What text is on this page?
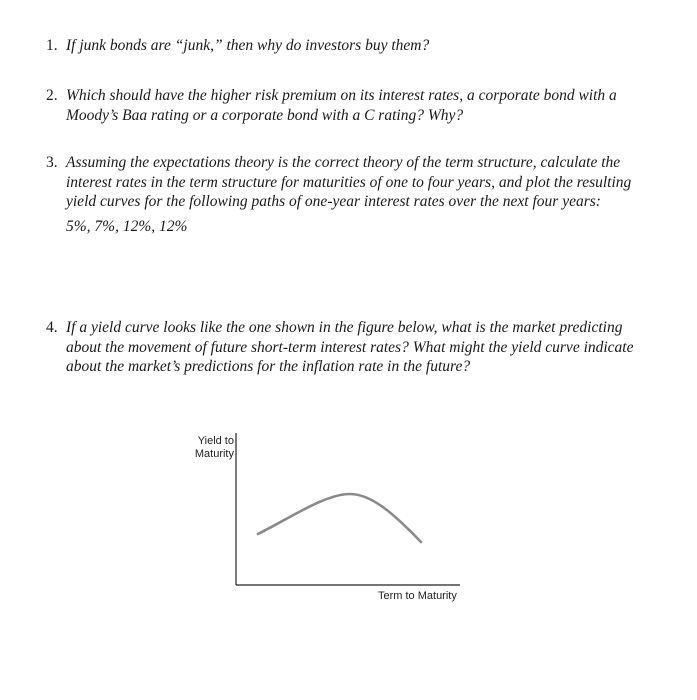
1. If junk bonds are “junk,” then why do investors buy them?
2. Which should have the higher risk premium on its interest rates, a corporate bond with a Moody’s Baa rating or a corporate bond with a C rating? Why?
3. Assuming the expectations theory is the correct theory of the term structure, calculate the interest rates in the term structure for maturities of one to four years, and plot the resulting yield curves for the following paths of one-year interest rates over the next four years:
5%, 7%, 12%, 12%
4. If a yield curve looks like the one shown in the figure below, what is the market predicting about the movement of future short-term interest rates? What might the yield curve indicate about the market’s predictions for the inflation rate in the future?
Yield to
Maturity
Term to Maturity
